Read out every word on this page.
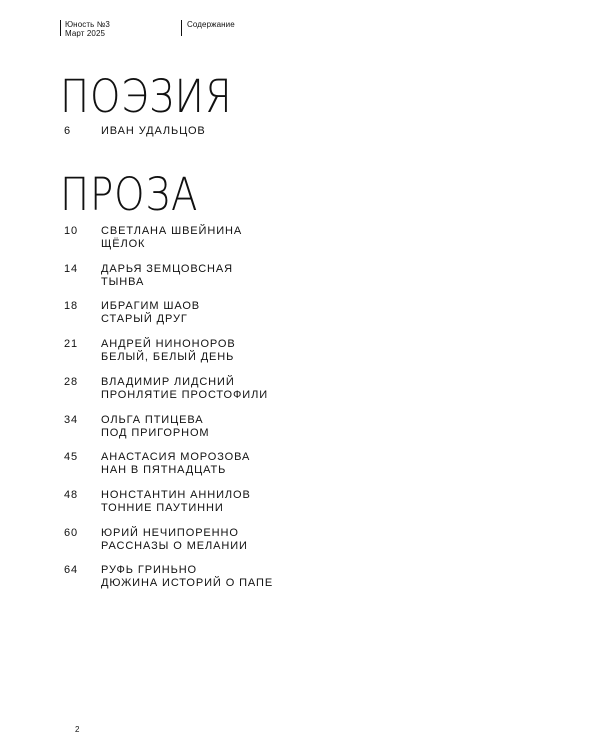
Юность №3
Март 2025
Содержание
ПОЭЗИЯ
6	ИВАН УДАЛЬЦОВ
ПРОЗА
10 СВЕТЛАНА ШВЕЙНИНА
ЩЁЛОК
14 ДАРЬЯ ЗЕМЦОВСНАЯ
ТЫНВА
18 ИБРАГИМ ШАОВ
СТАРЫЙ ДРУГ
21 АНДРЕЙ НИНОНОРОВ
БЕЛЫЙ, БЕЛЫЙ ДЕНЬ
28 ВЛАДИМИР ЛИДСНИЙ
ПРОНЛЯТИЕ ПРОСТОФИЛИ
34 ОЛЬГА ПТИЦЕВА
ПОД ПРИГОРНОМ
45 АНАСТАСИЯ МОРОЗОВА
НАН В ПЯТНАДЦАТЬ
48 НОНСТАНТИН АННИЛОВ
ТОННИЕ ПАУТИННИ
60 ЮРИЙ НЕЧИПОРЕННО
РАССНАЗЫ О МЕЛАНИИ
64 РУФЬ ГРИНЬНО
ДЮЖИНА ИСТОРИЙ О ПАПЕ
2
